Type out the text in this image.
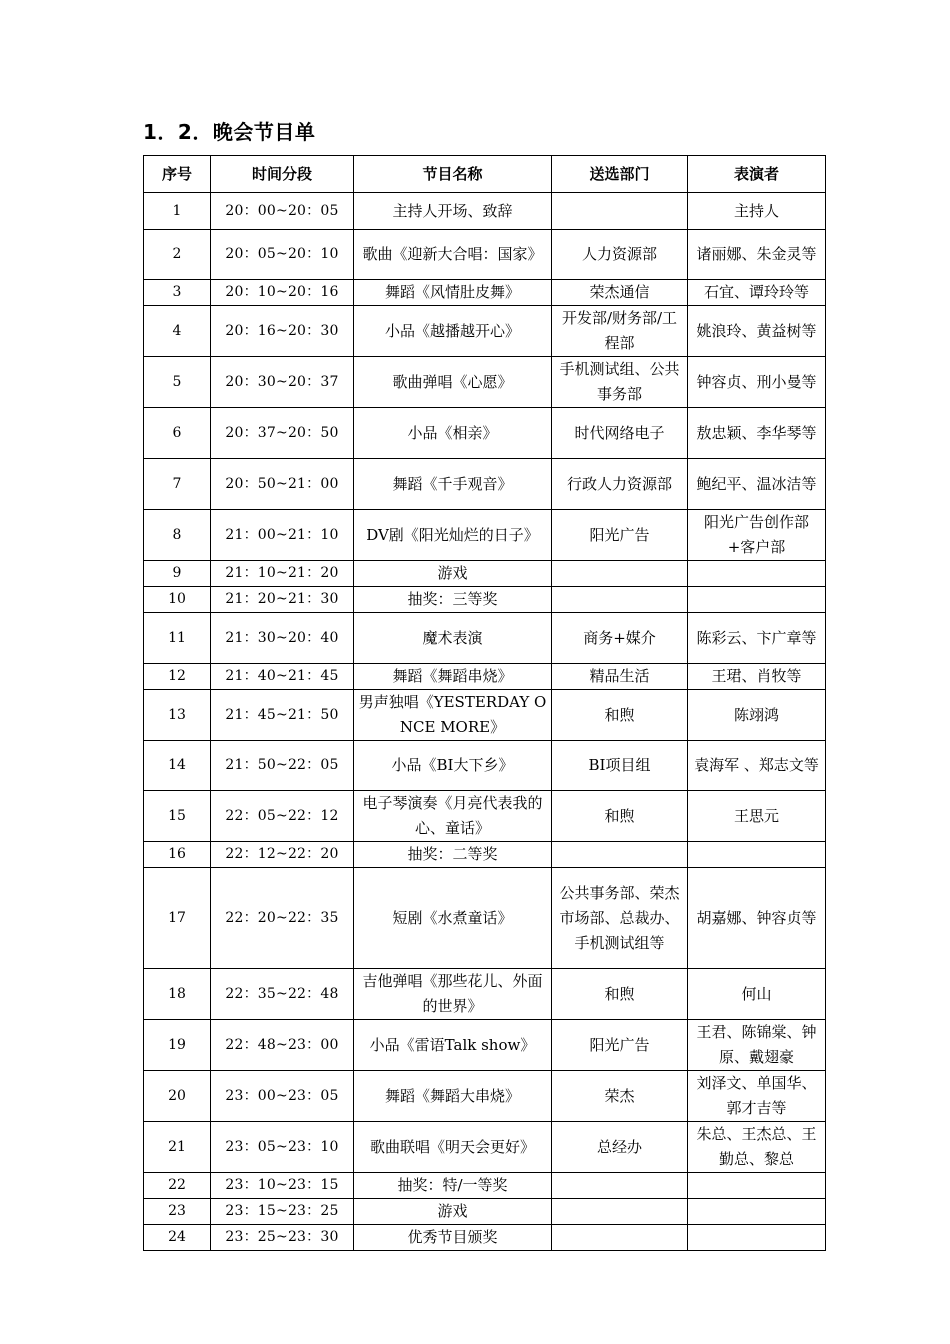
1．2．晚会节目单
序号	时间分段	节目名称	送选部门	表演者
1	20：00~20：05	主持人开场、致辞		主持人
2	20：05~20：10	歌曲《迎新大合唱：国家》	人力资源部	诸丽娜、朱金灵等
3	20：10~20：16	舞蹈《风情肚皮舞》	荣杰通信	石宜、谭玲玲等
4	20：16~20：30	小品《越播越开心》	开发部/财务部/工程部	姚浪玲、黄益树等
5	20：30~20：37	歌曲弹唱《心愿》	手机测试组、公共事务部	钟容贞、刑小曼等
6	20：37~20：50	小品《相亲》	时代网络电子	敖忠颖、李华琴等
7	20：50~21：00	舞蹈《千手观音》	行政人力资源部	鲍纪平、温冰洁等
8	21：00~21：10	DV剧《阳光灿烂的日子》	阳光广告	阳光广告创作部+客户部
9	21：10~21：20	游戏		
10	21：20~21：30	抽奖：三等奖		
11	21：30~20：40	魔术表演	商务+媒介	陈彩云、卞广章等
12	21：40~21：45	舞蹈《舞蹈串烧》	精品生活	王珺、肖牧等
13	21：45~21：50	男声独唱《YESTERDAY ONCE MORE》	和煦	陈翊鸿
14	21：50~22：05	小品《BI大下乡》	BI项目组	袁海军 、郑志文等
15	22：05~22：12	电子琴演奏《月亮代表我的心、童话》	和煦	王思元
16	22：12~22：20	抽奖：二等奖		
17	22：20~22：35	短剧《水煮童话》	公共事务部、荣杰市场部、总裁办、手机测试组等	胡嘉娜、钟容贞等
18	22：35~22：48	吉他弹唱《那些花儿、外面的世界》	和煦	何山
19	22：48~23：00	小品《雷语Talk show》	阳光广告	王君、陈锦棠、钟原、戴翅豪
20	23：00~23：05	舞蹈《舞蹈大串烧》	荣杰	刘泽文、单国华、郭才吉等
21	23：05~23：10	歌曲联唱《明天会更好》	总经办	朱总、王杰总、王勤总、黎总
22	23：10~23：15	抽奖：特/一等奖		
23	23：15~23：25	游戏		
24	23：25~23：30	优秀节目颁奖		
